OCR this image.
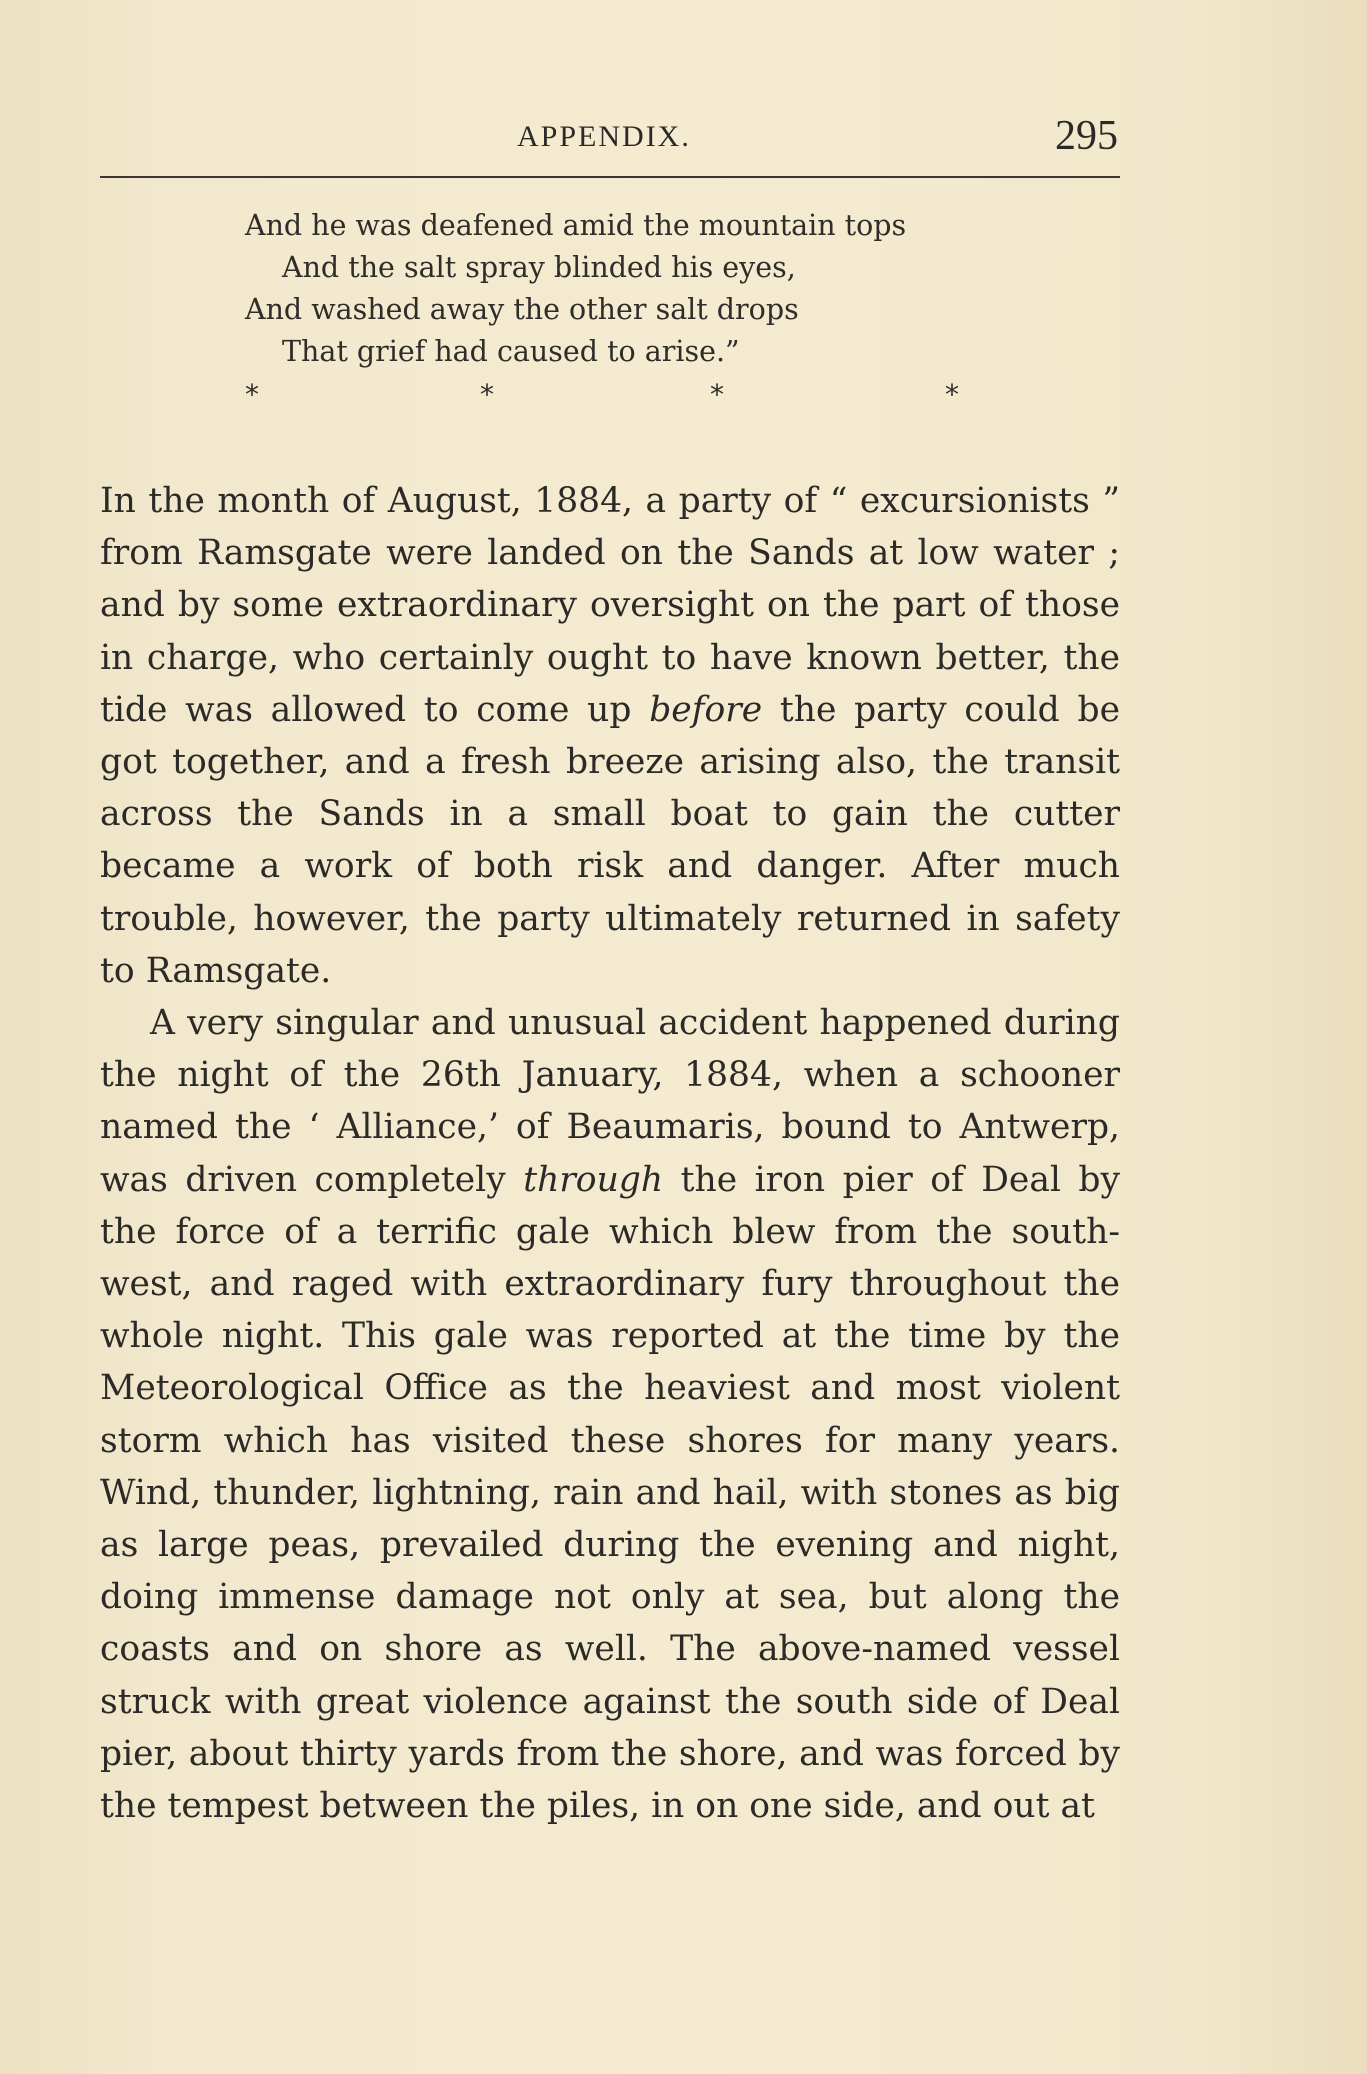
APPENDIX.	295
And he was deafened amid the mountain tops
And the salt spray blinded his eyes,
And washed away the other salt drops
That grief had caused to arise.”
*	*	*	*

In the month of August, 1884, a party of “ excursionists ” from Ramsgate were landed on the Sands at low water ; and by some extraordinary oversight on the part of those in charge, who certainly ought to have known better, the tide was allowed to come up before the party could be got together, and a fresh breeze arising also, the transit across the Sands in a small boat to gain the cutter became a work of both risk and danger. After much trouble, however, the party ultimately returned in safety to Ramsgate.

A very singular and unusual accident happened during the night of the 26th January, 1884, when a schooner named the ‘ Alliance,’ of Beaumaris, bound to Antwerp, was driven completely through the iron pier of Deal by the force of a terrific gale which blew from the south-west, and raged with extraordinary fury throughout the whole night. This gale was reported at the time by the Meteorological Office as the heaviest and most violent storm which has visited these shores for many years. Wind, thunder, lightning, rain and hail, with stones as big as large peas, prevailed during the evening and night, doing immense damage not only at sea, but along the coasts and on shore as well. The above-named vessel struck with great violence against the south side of Deal pier, about thirty yards from the shore, and was forced by the tempest between the piles, in on one side, and out at
